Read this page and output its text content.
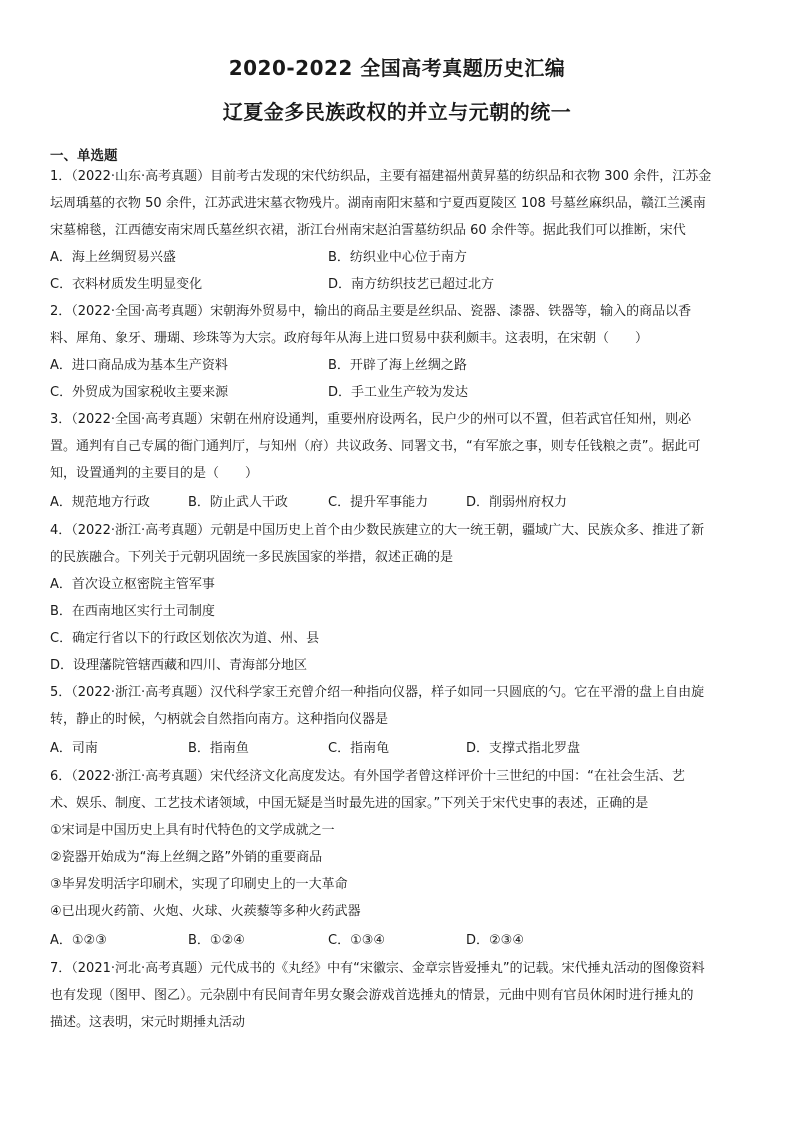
2020-2022 全国高考真题历史汇编
辽夏金多民族政权的并立与元朝的统一
一、单选题
1．（2022·山东·高考真题）目前考古发现的宋代纺织品，主要有福建福州黄昇墓的纺织品和衣物 300 余件，江苏金
坛周瑀墓的衣物 50 余件，江苏武进宋墓衣物残片。湖南南阳宋墓和宁夏西夏陵区 108 号墓丝麻织品，赣江兰溪南
宋墓棉毯，江西德安南宋周氏墓丝织衣裙，浙江台州南宋赵泊霅墓纺织品 60 余件等。据此我们可以推断，宋代
A．海上丝绸贸易兴盛	B．纺织业中心位于南方
C．衣料材质发生明显变化	D．南方纺织技艺已超过北方
2．（2022·全国·高考真题）宋朝海外贸易中，输出的商品主要是丝织品、瓷器、漆器、铁器等，输入的商品以香
料、犀角、象牙、珊瑚、珍珠等为大宗。政府每年从海上进口贸易中获利颇丰。这表明，在宋朝（　　）
A．进口商品成为基本生产资料	B．开辟了海上丝绸之路
C．外贸成为国家税收主要来源	D．手工业生产较为发达
3．（2022·全国·高考真题）宋朝在州府设通判，重要州府设两名，民户少的州可以不置，但若武官任知州，则必
置。通判有自己专属的衙门通判厅，与知州（府）共议政务、同署文书，“有军旅之事，则专任钱粮之责”。据此可
知，设置通判的主要目的是（　　）
A．规范地方行政	B．防止武人干政	C．提升军事能力	D．削弱州府权力
4．（2022·浙江·高考真题）元朝是中国历史上首个由少数民族建立的大一统王朝，疆域广大、民族众多、推进了新
的民族融合。下列关于元朝巩固统一多民族国家的举措，叙述正确的是
A．首次设立枢密院主管军事
B．在西南地区实行土司制度
C．确定行省以下的行政区划依次为道、州、县
D．设理藩院管辖西藏和四川、青海部分地区
5．（2022·浙江·高考真题）汉代科学家王充曾介绍一种指向仪器，样子如同一只圆底的勺。它在平滑的盘上自由旋
转，静止的时候，勺柄就会自然指向南方。这种指向仪器是
A．司南	B．指南鱼	C．指南龟	D．支撑式指北罗盘
6．（2022·浙江·高考真题）宋代经济文化高度发达。有外国学者曾这样评价十三世纪的中国：“在社会生活、艺
术、娱乐、制度、工艺技术诸领域，中国无疑是当时最先进的国家。”下列关于宋代史事的表述，正确的是
①宋词是中国历史上具有时代特色的文学成就之一
②瓷器开始成为“海上丝绸之路”外销的重要商品
③毕昇发明活字印刷术，实现了印刷史上的一大革命
④已出现火药箭、火炮、火球、火蒺藜等多种火药武器
A．①②③	B．①②④	C．①③④	D．②③④
7．（2021·河北·高考真题）元代成书的《丸经》中有“宋徽宗、金章宗皆爱捶丸”的记载。宋代捶丸活动的图像资料
也有发现（图甲、图乙）。元杂剧中有民间青年男女聚会游戏首选捶丸的情景，元曲中则有官员休闲时进行捶丸的
描述。这表明，宋元时期捶丸活动
